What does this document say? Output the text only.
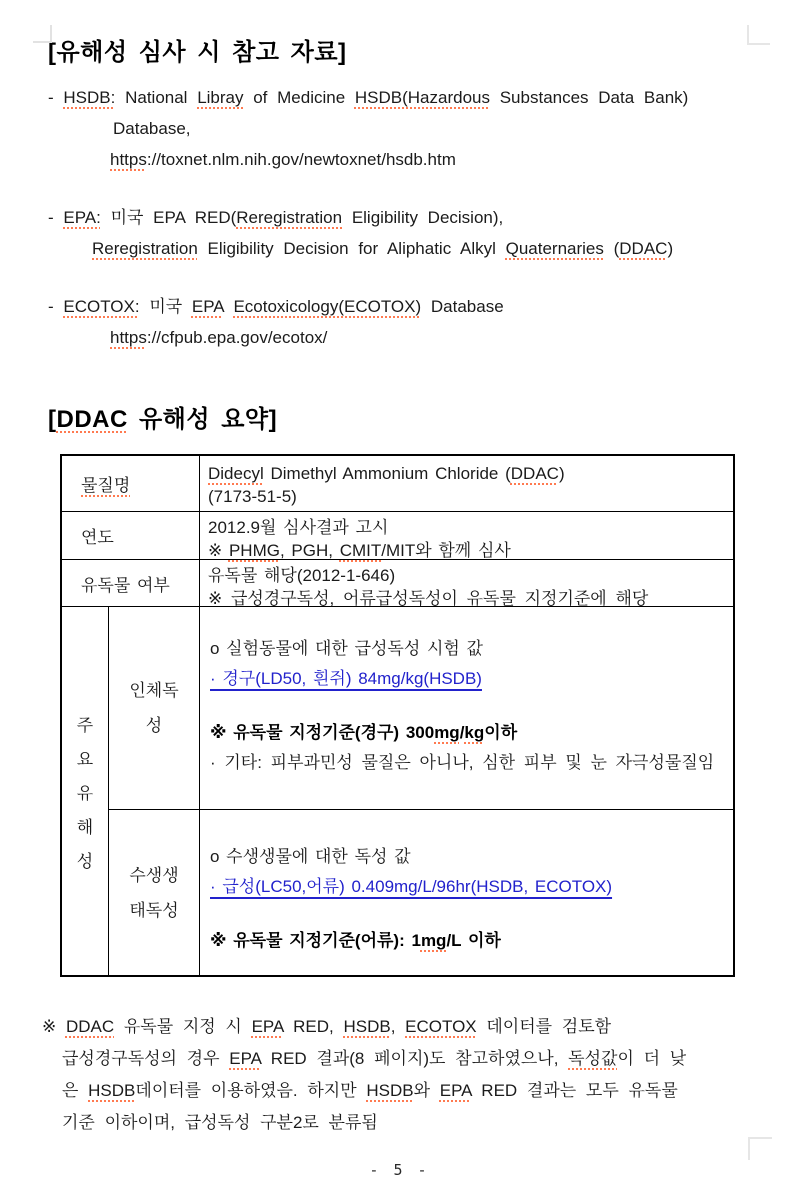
[유해성 심사 시 참고 자료]
- HSDB: National Libray of Medicine HSDB(Hazardous Substances Data Bank)
Database,
https://toxnet.nlm.nih.gov/newtoxnet/hsdb.htm
- EPA: 미국 EPA RED(Reregistration Eligibility Decision),
Reregistration Eligibility Decision for Aliphatic Alkyl Quaternaries (DDAC)
- ECOTOX: 미국 EPA Ecotoxicology(ECOTOX) Database
https://cfpub.epa.gov/ecotox/
[DDAC 유해성 요약]
물질명
Didecyl Dimethyl Ammonium Chloride (DDAC)
(7173-51-5)
연도
2012.9월 심사결과 고시
※ PHMG, PGH, CMIT/MIT와 함께 심사
유독물 여부	유독물 해당(2012-1-646)
※ 급성경구독성, 어류급성독성이 유독물 지정기준에 해당
주
요
유
해
성
인체독
성
o 실험동물에 대한 급성독성 시험 값
· 경구(LD50, 흰쥐) 84mg/kg(HSDB)
※ 유독물 지정기준(경구) 300mg/kg이하
· 기타: 피부과민성 물질은 아니나, 심한 피부 및 눈 자극성물질임
수생생
태독성
o 수생생물에 대한 독성 값
· 급성(LC50,어류) 0.409mg/L/96hr(HSDB, ECOTOX)
※ 유독물 지정기준(어류): 1mg/L 이하
※ DDAC 유독물 지정 시 EPA RED, HSDB, ECOTOX 데이터를 검토함
급성경구독성의 경우 EPA RED 결과(8 페이지)도 참고하였으나, 독성값이 더 낮
은 HSDB데이터를 이용하였음. 하지만 HSDB와 EPA RED 결과는 모두 유독물
기준 이하이며, 급성독성 구분2로 분류됨
- 5 -
